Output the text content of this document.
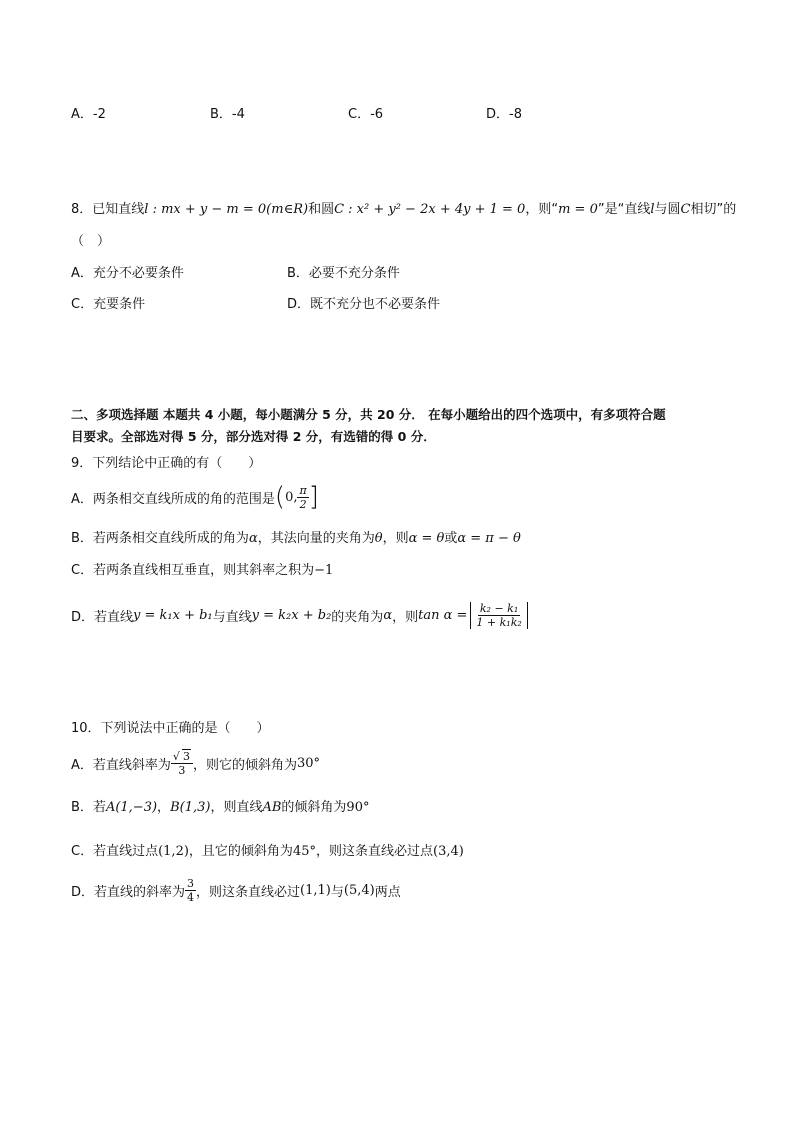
A．-2	B．-4	C．-6	D．-8
8．已知直线l : mx + y − m = 0(m∈R)和圆C : x² + y² − 2x + 4y + 1 = 0，则“m = 0”是“直线l与圆C相切”的
（　）
A．充分不必要条件	B．必要不充分条件
C．充要条件	D．既不充分也不必要条件
二、多项选择题 本题共 4 小题，每小题满分 5 分，共 20 分． 在每小题给出的四个选项中，有多项符合题
目要求。全部选对得 5 分，部分选对得 2 分，有选错的得 0 分．
9．下列结论中正确的有（　　）
A． 两条相交直线所成的角的范围是 ( 0, $\frac{\pi}{2}$ ]
B．若两条相交直线所成的角为α，其法向量的夹角为θ，则α = θ或α = π − θ
C．若两条直线相互垂直，则其斜率之积为−1
D． 若直线 y = k₁x + b₁ 与直线 y = k₂x + b₂ 的夹角为 α ，则 $\tan \alpha = \frac{\text{k₂ − k₁}}{\text{1 + k₁k₂}}$
10．下列说法中正确的是（　　）
A． 若直线斜率为 $\frac{√ 3}{3}$ ，则它的倾斜角为 30°
B．若A(1,−3)，B(1,3)，则直线AB的倾斜角为90°
C．若直线过点(1,2)，且它的倾斜角为45°，则这条直线必过点(3,4)
D． 若直线的斜率为 $\frac{3}{4}$ ，则这条直线必过 (1,1) 与 (5,4) 两点
